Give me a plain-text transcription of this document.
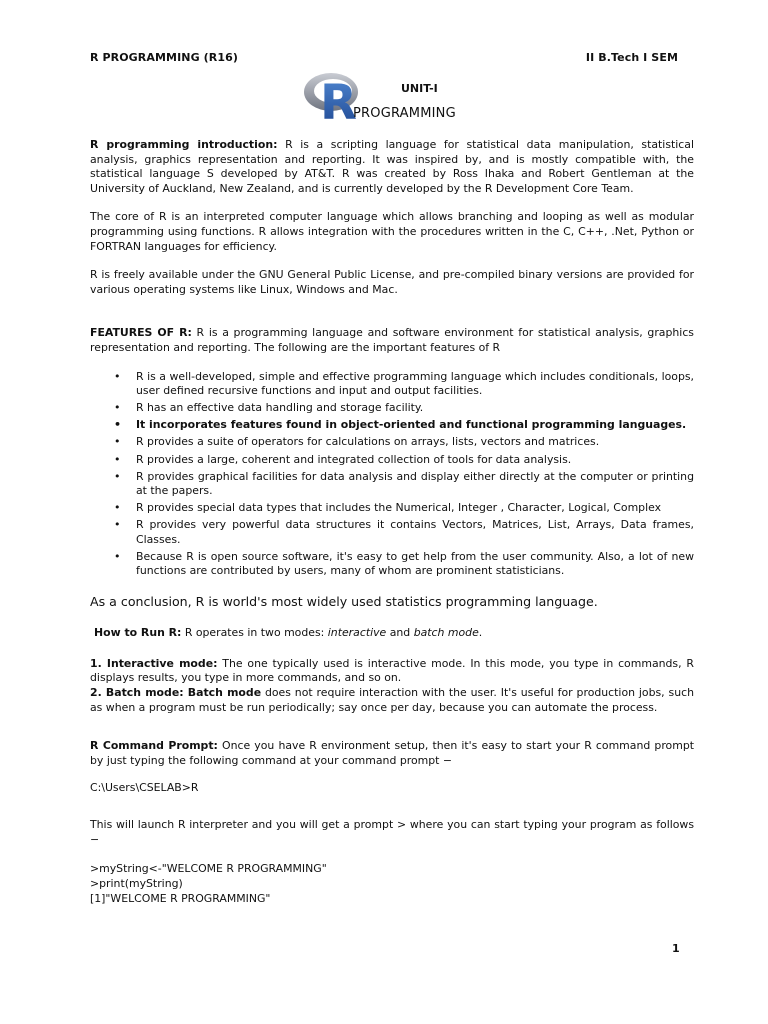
R PROGRAMMING (R16)	II B.Tech I SEM
R	UNIT-I
PROGRAMMING

R programming introduction: R is a scripting language for statistical data manipulation, statistical analysis, graphics representation and reporting. It was inspired by, and is mostly compatible with, the statistical language S developed by AT&T. R was created by Ross Ihaka and Robert Gentleman at the University of Auckland, New Zealand, and is currently developed by the R Development Core Team.

The core of R is an interpreted computer language which allows branching and looping as well as modular programming using functions. R allows integration with the procedures written in the C, C++, .Net, Python or FORTRAN languages for efficiency.

R is freely available under the GNU General Public License, and pre-compiled binary versions are provided for various operating systems like Linux, Windows and Mac.

FEATURES OF R: R is a programming language and software environment for statistical analysis, graphics representation and reporting. The following are the important features of R

• R is a well-developed, simple and effective programming language which includes conditionals, loops, user defined recursive functions and input and output facilities.
• R has an effective data handling and storage facility.
• It incorporates features found in object-oriented and functional programming languages.
• R provides a suite of operators for calculations on arrays, lists, vectors and matrices.
• R provides a large, coherent and integrated collection of tools for data analysis.
• R provides graphical facilities for data analysis and display either directly at the computer or printing at the papers.
• R provides special data types that includes the Numerical, Integer , Character, Logical, Complex
• R provides very powerful data structures it contains Vectors, Matrices, List, Arrays, Data frames, Classes.
• Because R is open source software, it's easy to get help from the user community. Also, a lot of new functions are contributed by users, many of whom are prominent statisticians.

As a conclusion, R is world's most widely used statistics programming language.

How to Run R: R operates in two modes: interactive and batch mode.

1. Interactive mode: The one typically used is interactive mode. In this mode, you type in commands, R displays results, you type in more commands, and so on.

2. Batch mode: Batch mode does not require interaction with the user. It's useful for production jobs, such as when a program must be run periodically; say once per day, because you can automate the process.

R Command Prompt: Once you have R environment setup, then it's easy to start your R command prompt by just typing the following command at your command prompt −

C:\Users\CSELAB>R

This will launch R interpreter and you will get a prompt > where you can start typing your program as follows −

>myString<-"WELCOME R PROGRAMMING"
>print(myString)
[1]"WELCOME R PROGRAMMING"
1
